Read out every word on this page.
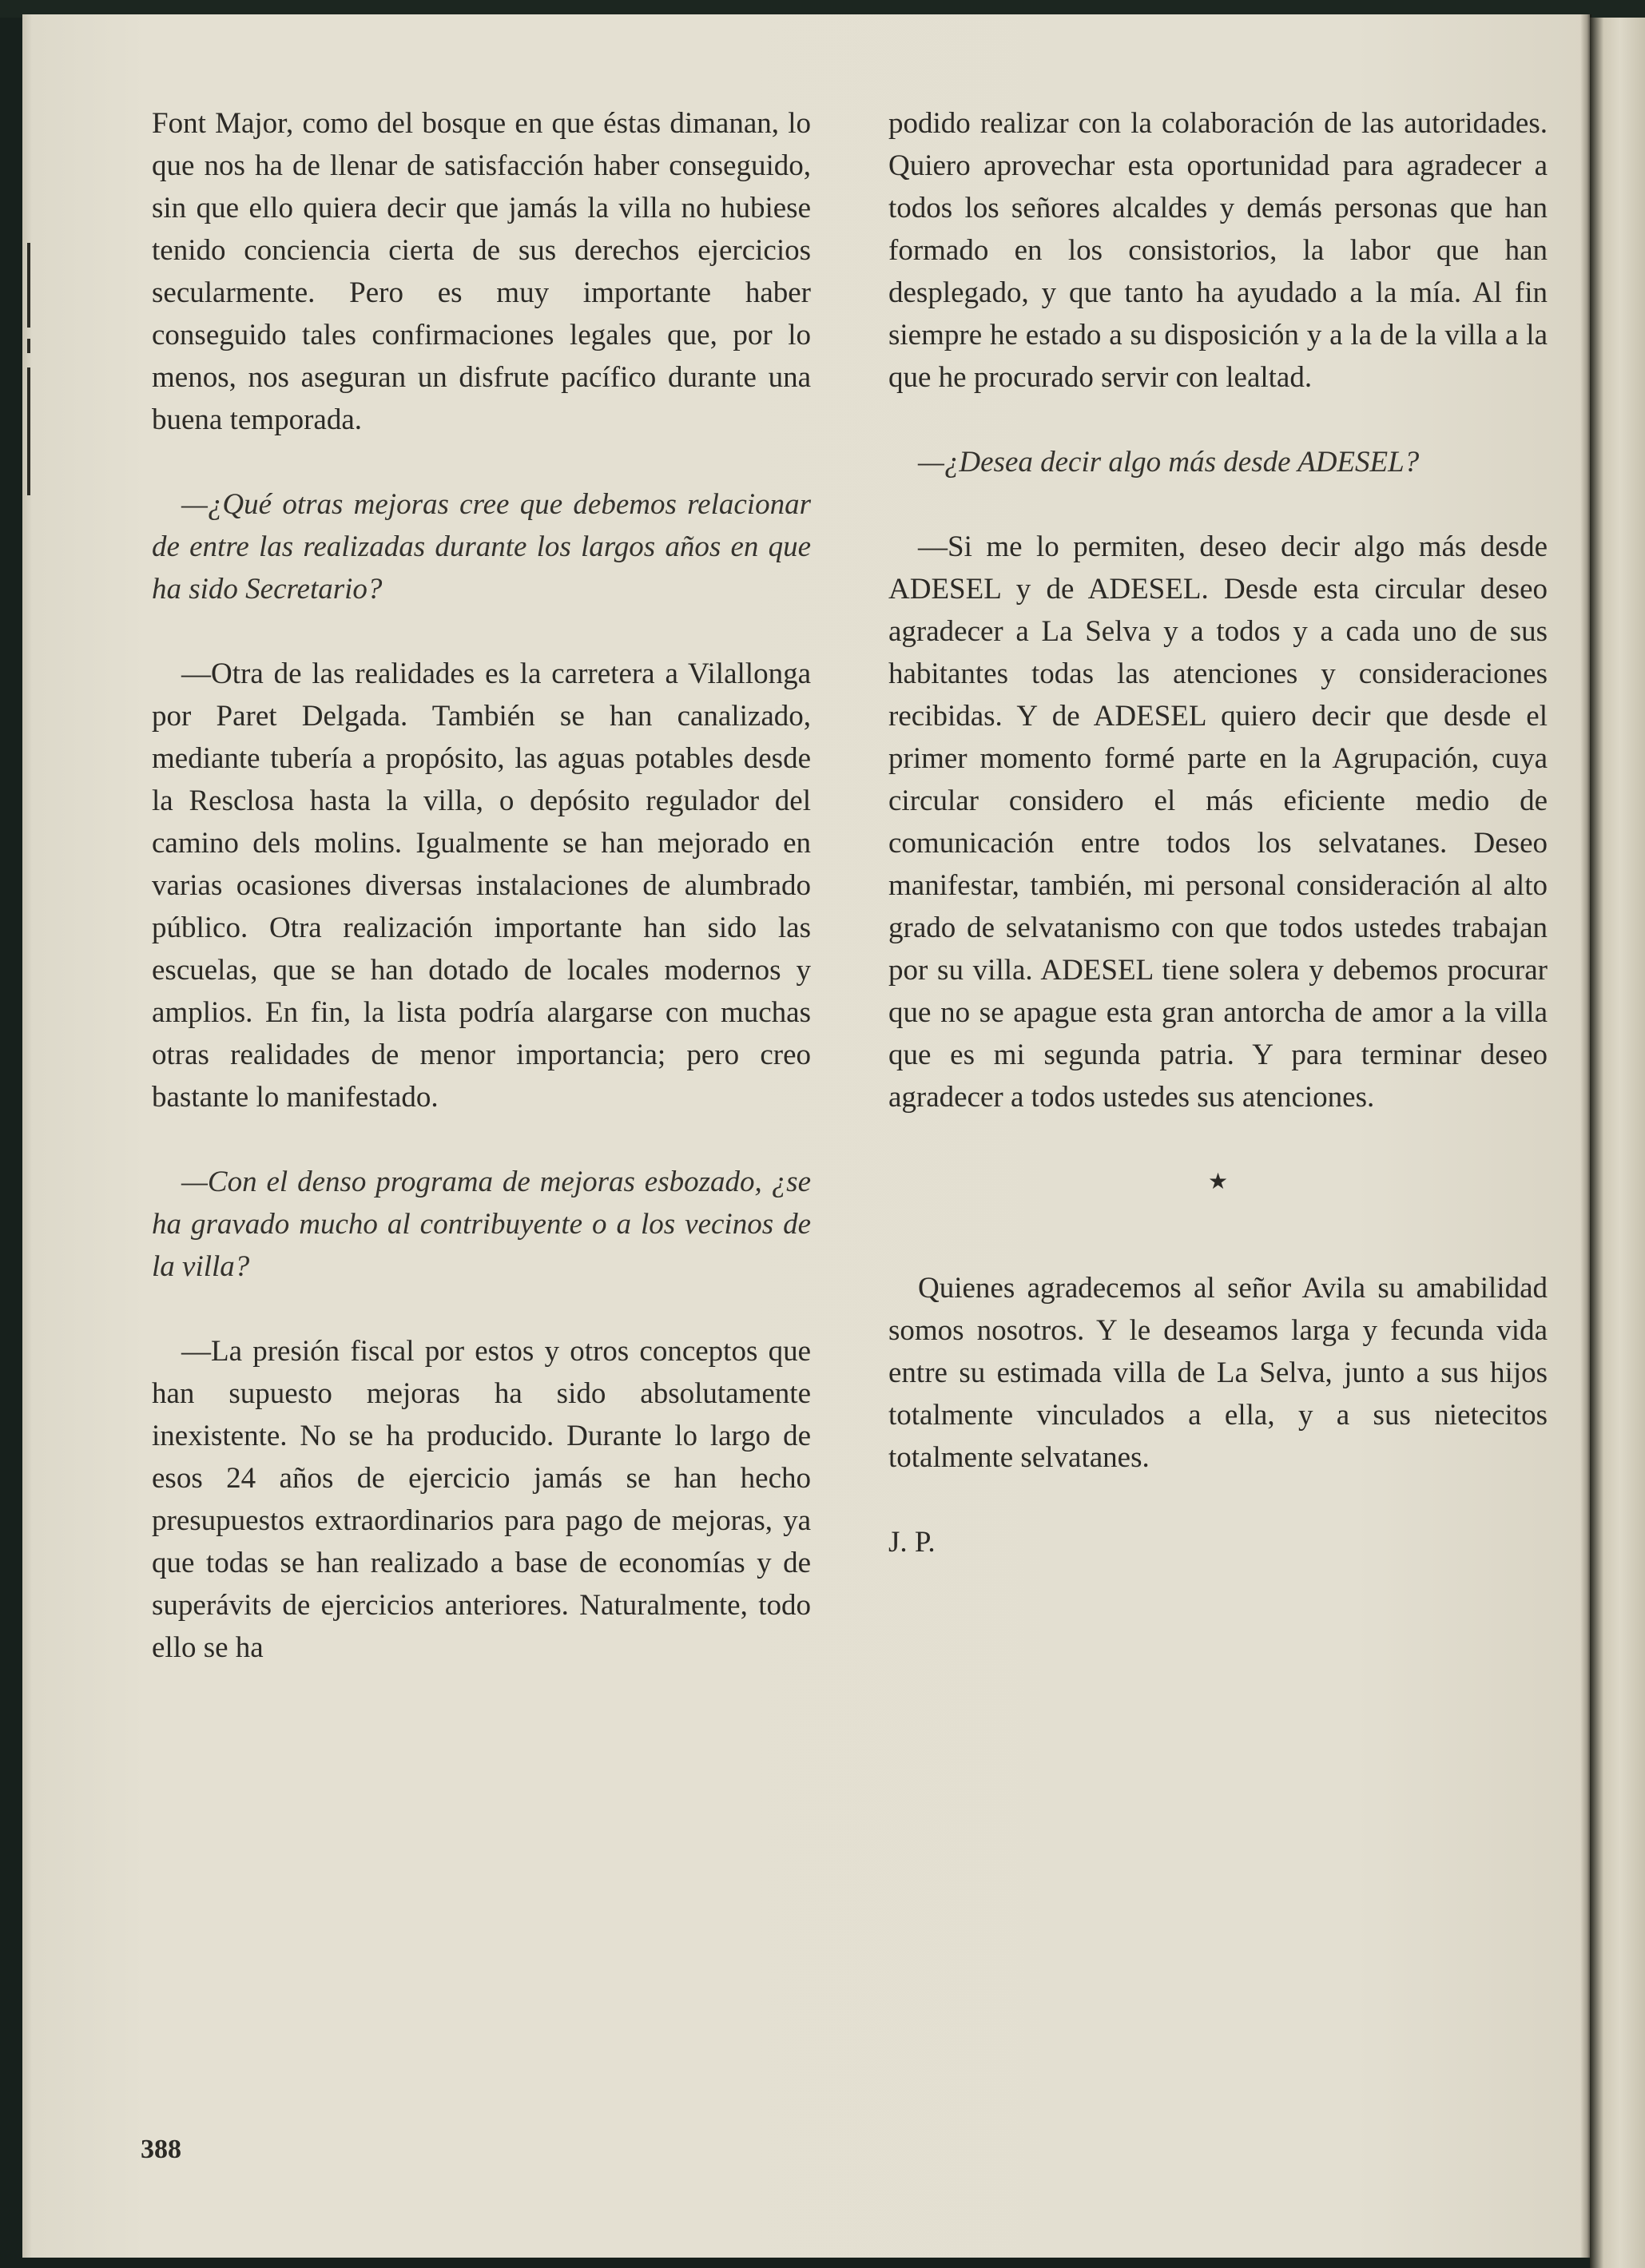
Font Major, como del bosque en que éstas dimanan, lo que nos ha de llenar de satisfacción haber conseguido, sin que ello quiera decir que jamás la villa no hubiese tenido conciencia cierta de sus derechos ejercicios secularmente. Pero es muy importante haber conseguido tales confirmaciones legales que, por lo menos, nos aseguran un disfrute pacífico durante una buena temporada.

—¿Qué otras mejoras cree que debemos relacionar de entre las realizadas durante los largos años en que ha sido Secretario?

—Otra de las realidades es la carretera a Vilallonga por Paret Delgada. También se han canalizado, mediante tubería a propósito, las aguas potables desde la Resclosa hasta la villa, o depósito regulador del camino dels molins. Igualmente se han mejorado en varias ocasiones diversas instalaciones de alumbrado público. Otra realización importante han sido las escuelas, que se han dotado de locales modernos y amplios. En fin, la lista podría alargarse con muchas otras realidades de menor importancia; pero creo bastante lo manifestado.

—Con el denso programa de mejoras esbozado, ¿se ha gravado mucho al contribuyente o a los vecinos de la villa?

—La presión fiscal por estos y otros conceptos que han supuesto mejoras ha sido absolutamente inexistente. No se ha producido. Durante lo largo de esos 24 años de ejercicio jamás se han hecho presupuestos extraordinarios para pago de mejoras, ya que todas se han realizado a base de economías y de superávits de ejercicios anteriores. Naturalmente, todo ello se ha

podido realizar con la colaboración de las autoridades. Quiero aprovechar esta oportunidad para agradecer a todos los señores alcaldes y demás personas que han formado en los consistorios, la labor que han desplegado, y que tanto ha ayudado a la mía. Al fin siempre he estado a su disposición y a la de la villa a la que he procurado servir con lealtad.

—¿Desea decir algo más desde ADESEL?

—Si me lo permiten, deseo decir algo más desde ADESEL y de ADESEL. Desde esta circular deseo agradecer a La Selva y a todos y a cada uno de sus habitantes todas las atenciones y consideraciones recibidas. Y de ADESEL quiero decir que desde el primer momento formé parte en la Agrupación, cuya circular considero el más eficiente medio de comunicación entre todos los selvatanes. Deseo manifestar, también, mi personal consideración al alto grado de selvatanismo con que todos ustedes trabajan por su villa. ADESEL tiene solera y debemos procurar que no se apague esta gran antorcha de amor a la villa que es mi segunda patria. Y para terminar deseo agradecer a todos ustedes sus atenciones.

★

Quienes agradecemos al señor Avila su amabilidad somos nosotros. Y le deseamos larga y fecunda vida entre su estimada villa de La Selva, junto a sus hijos totalmente vinculados a ella, y a sus nietecitos totalmente selvatanes.

J. P.

388
